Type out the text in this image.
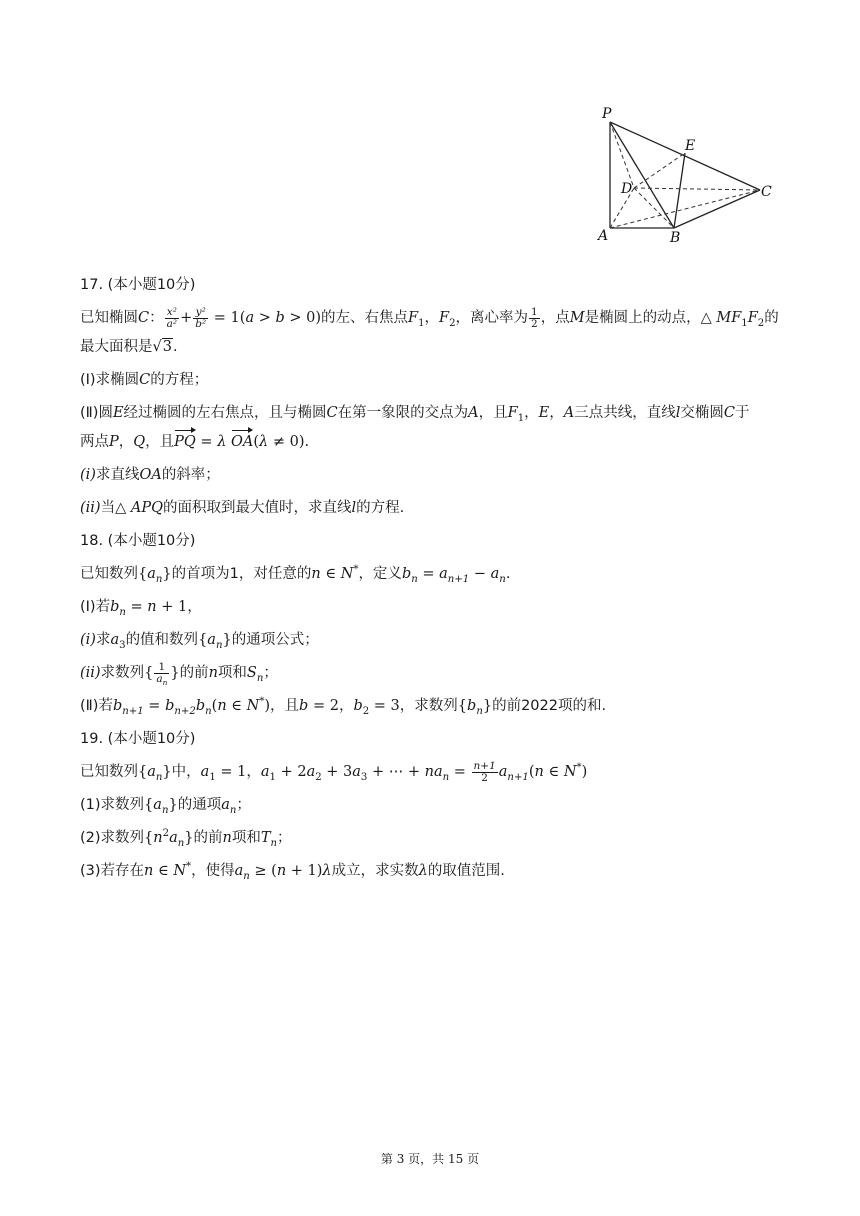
P
E
D	C
A	B
17. (本小题10分)
已知椭圆C： $\frac{\text{x²}}{\text{a²}} + \frac{\text{y²}}{\text{b²}} = 1(a > b > 0)$的左、右焦点$F_1$，$F_2$，离心率为 $\frac{1}{2}$ ，点M是椭圆上的动点，△ $MF_1F_2$的
最大面积是√3.
(Ⅰ)求椭圆C的方程；
(Ⅱ)圆E经过椭圆的左右焦点，且与椭圆C在第一象限的交点为A，且$F_1$，E，A三点共线，直线l交椭圆C于
两点P，Q，且PQ = λ OA(λ ≠ 0).
(i)求直线OA的斜率；
(ii)当△ APQ的面积取到最大值时，求直线l的方程.
18. (本小题10分)
已知数列$\{a_n\}$的首项为1，对任意的n ∈ N*，定义$b_n = a_{n+1} - a_n$.
(Ⅰ)若$b_n = n + 1$，
(i)求$a_3$的值和数列$\{a_n\}$的通项公式；
(ii)求数列{ $\frac{1}{a_n}$ }的前n项和$S_n$；
(Ⅱ)若$b_{n+1} = b_{n+2}b_n(n$ ∈ N*)，且b = 2，$b_2 = 3$，求数列$\{b_n\}$的前2022项的和.
19. (本小题10分)
已知数列$\{a_n\}$中，$a_1 = 1$，$a_1 + 2a_2 + 3a_3$ + ⋯ + $na_n = \frac{n+1}{2} a_{n+1}(n$ ∈ N*)
(1)求数列$\{a_n\}$的通项$a_n$；
(2)求数列$\{n^2a_n\}$的前n项和$T_n$；
(3)若存在n ∈ N*，使得$a_n \ge (n + 1)\lambda$成立，求实数λ的取值范围.
第 3 页，共 15 页
